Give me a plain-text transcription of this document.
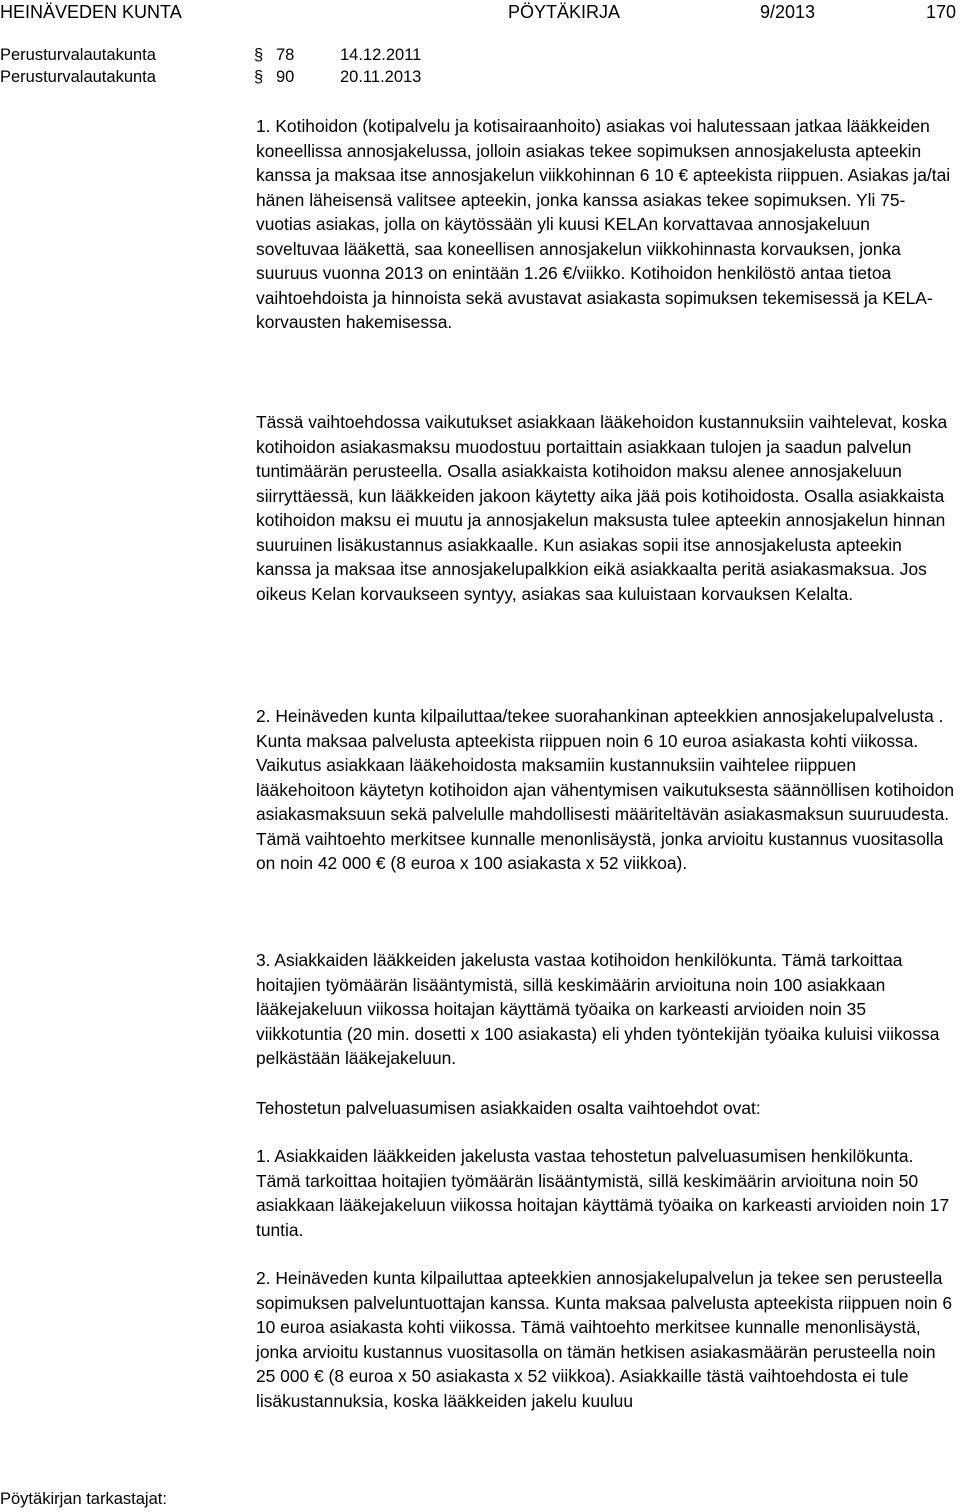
HEINÄVEDEN KUNTA	PÖYTÄKIRJA	9/2013	170
Perusturvalautakunta	§ 78	14.12.2011
Perusturvalautakunta	§ 90	20.11.2013

1. Kotihoidon (kotipalvelu ja kotisairaanhoito) asiakas voi halutessaan jatkaa lääkkeiden koneellissa annosjakelussa, jolloin asiakas tekee sopimuksen annosjakelusta apteekin kanssa ja maksaa itse annosjakelun viikkohinnan 6 10 € apteekista riippuen. Asiakas ja/tai hänen läheisensä valitsee apteekin, jonka kanssa asiakas tekee sopimuksen. Yli 75-vuotias asiakas, jolla on käytössään yli kuusi KELAn korvattavaa annosjakeluun soveltuvaa lääkettä, saa koneellisen annosjakelun viikkohinnasta korvauksen, jonka suuruus vuonna 2013 on enintään 1.26 €/viikko. Kotihoidon henkilöstö antaa tietoa vaihtoehdoista ja hinnoista sekä avustavat asiakasta sopimuksen tekemisessä ja KELA-korvausten hakemisessa.

Tässä vaihtoehdossa vaikutukset asiakkaan lääkehoidon kustannuksiin vaihtelevat, koska kotihoidon asiakasmaksu muodostuu portaittain asiakkaan tulojen ja saadun palvelun tuntimäärän perusteella. Osalla asiakkaista kotihoidon maksu alenee annosjakeluun siirryttäessä, kun lääkkeiden jakoon käytetty aika jää pois kotihoidosta. Osalla asiakkaista kotihoidon maksu ei muutu ja annosjakelun maksusta tulee apteekin annosjakelun hinnan suuruinen lisäkustannus asiakkaalle. Kun asiakas sopii itse annosjakelusta apteekin kanssa ja maksaa itse annosjakelupalkkion eikä asiakkaalta peritä asiakasmaksua. Jos oikeus Kelan korvaukseen syntyy, asiakas saa kuluistaan korvauksen Kelalta.

2. Heinäveden kunta kilpailuttaa/tekee suorahankinan apteekkien annosjakelupalvelusta . Kunta maksaa palvelusta apteekista riippuen noin 6 10 euroa asiakasta kohti viikossa. Vaikutus asiakkaan lääkehoidosta maksamiin kustannuksiin vaihtelee riippuen lääkehoitoon käytetyn kotihoidon ajan vähentymisen vaikutuksesta säännöllisen kotihoidon asiakasmaksuun sekä palvelulle mahdollisesti määriteltävän asiakasmaksun suuruudesta. Tämä vaihtoehto merkitsee kunnalle menonlisäystä, jonka arvioitu kustannus vuositasolla on noin 42 000 € (8 euroa x 100 asiakasta x 52 viikkoa).

3. Asiakkaiden lääkkeiden jakelusta vastaa kotihoidon henkilökunta. Tämä tarkoittaa hoitajien työmäärän lisääntymistä, sillä keskimäärin arvioituna noin 100 asiakkaan lääkejakeluun viikossa hoitajan käyttämä työaika on karkeasti arvioiden noin 35 viikkotuntia (20 min. dosetti x 100 asiakasta) eli yhden työntekijän työaika kuluisi viikossa pelkästään lääkejakeluun.

Tehostetun palveluasumisen asiakkaiden osalta vaihtoehdot ovat:

1. Asiakkaiden lääkkeiden jakelusta vastaa tehostetun palveluasumisen henkilökunta. Tämä tarkoittaa hoitajien työmäärän lisääntymistä, sillä keskimäärin arvioituna noin 50 asiakkaan lääkejakeluun viikossa hoitajan käyttämä työaika on karkeasti arvioiden noin 17 tuntia.

2. Heinäveden kunta kilpailuttaa apteekkien annosjakelupalvelun ja tekee sen perusteella sopimuksen palveluntuottajan kanssa. Kunta maksaa palvelusta apteekista riippuen noin 6 10 euroa asiakasta kohti viikossa. Tämä vaihtoehto merkitsee kunnalle menonlisäystä, jonka arvioitu kustannus vuositasolla on tämän hetkisen asiakasmäärän perusteella noin 25 000 € (8 euroa x 50 asiakasta x 52 viikkoa). Asiakkaille tästä vaihtoehdosta ei tule lisäkustannuksia, koska lääkkeiden jakelu kuuluu

Pöytäkirjan tarkastajat:
